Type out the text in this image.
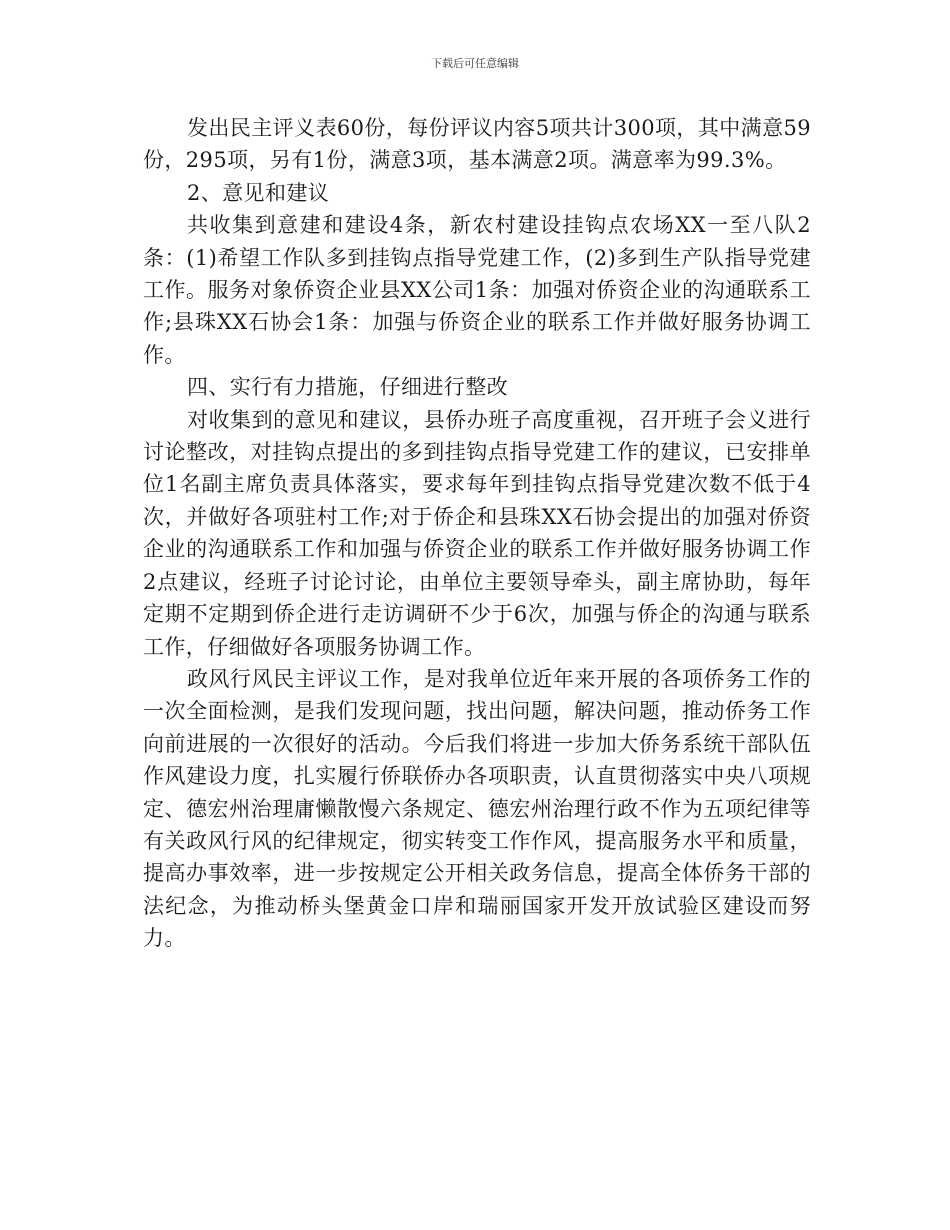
下载后可任意编辑

发出民主评义表60份，每份评议内容5项共计300项，其中满意59份，295项，另有1份，满意3项，基本满意2项。满意率为99.3%。

2、意见和建议

共收集到意建和建设4条，新农村建设挂钩点农场XX一至八队2条：(1)希望工作队多到挂钩点指导党建工作，(2)多到生产队指导党建工作。服务对象侨资企业县XX公司1条：加强对侨资企业的沟通联系工作;县珠XX石协会1条：加强与侨资企业的联系工作并做好服务协调工作。

四、实行有力措施，仔细进行整改

对收集到的意见和建议，县侨办班子高度重视，召开班子会义进行讨论整改，对挂钩点提出的多到挂钩点指导党建工作的建议，已安排单位1名副主席负责具体落实，要求每年到挂钩点指导党建次数不低于4次，并做好各项驻村工作;对于侨企和县珠XX石协会提出的加强对侨资企业的沟通联系工作和加强与侨资企业的联系工作并做好服务协调工作2点建议，经班子讨论讨论，由单位主要领导牵头，副主席协助，每年定期不定期到侨企进行走访调研不少于6次，加强与侨企的沟通与联系工作，仔细做好各项服务协调工作。

政风行风民主评议工作，是对我单位近年来开展的各项侨务工作的一次全面检测，是我们发现问题，找出问题，解决问题，推动侨务工作向前进展的一次很好的活动。今后我们将进一步加大侨务系统干部队伍作风建设力度，扎实履行侨联侨办各项职责，认直贯彻落实中央八项规定、德宏州治理庸懒散慢六条规定、德宏州治理行政不作为五项纪律等有关政风行风的纪律规定，彻实转变工作作风，提高服务水平和质量，提高办事效率，进一步按规定公开相关政务信息，提高全体侨务干部的法纪念，为推动桥头堡黄金口岸和瑞丽国家开发开放试验区建设而努力。
